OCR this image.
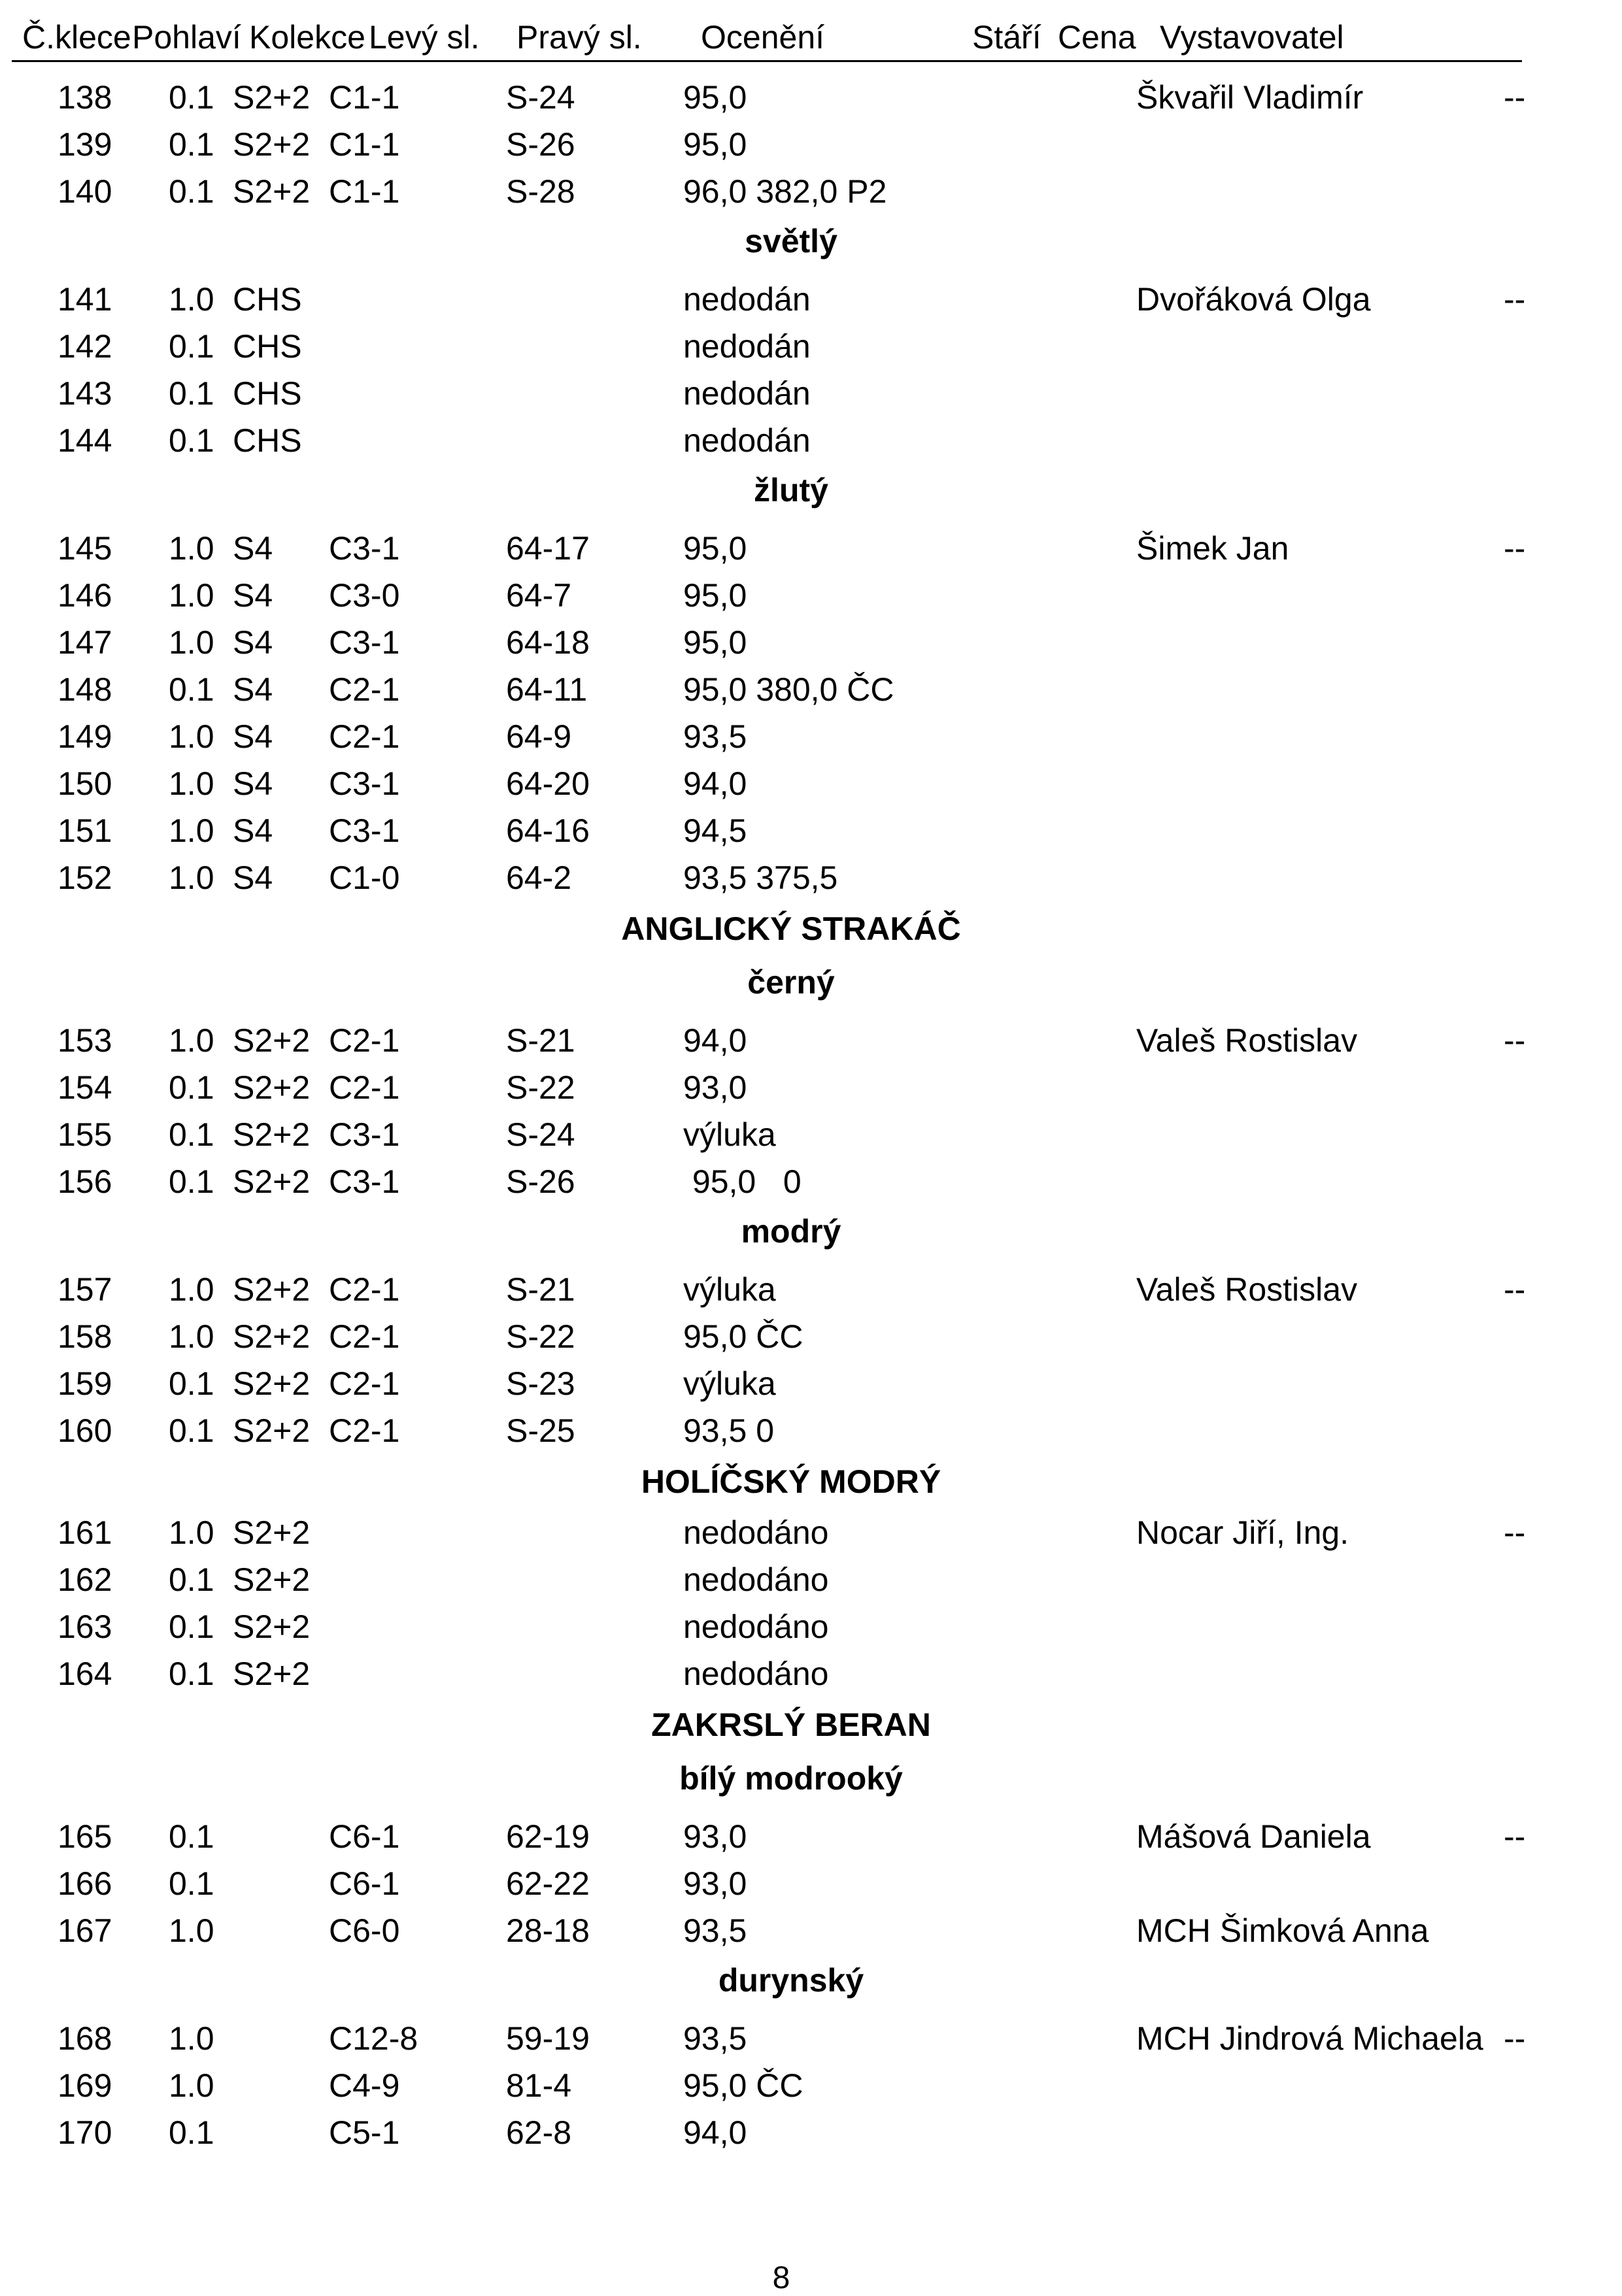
Č.klece Pohlaví Kolekce Levý sl. Pravý sl. Ocenění	Stáří Cena Vystavovatel
138 0.1 S2+2 C1-1	S-24	95,0	Škvařil Vladimír	--
139 0.1 S2+2 C1-1	S-26	95,0
140 0.1 S2+2 C1-1	S-28	96,0 382,0 P2
světlý
141 1.0 CHS	nedodán	Dvořáková Olga	--
142 0.1 CHS	nedodán
143 0.1 CHS	nedodán
144 0.1 CHS	nedodán
žlutý
145 1.0 S4 C3-1	64-17	95,0	Šimek Jan	--
146 1.0 S4 C3-0	64-7	95,0
147 1.0 S4 C3-1	64-18	95,0
148 0.1 S4 C2-1	64-11	95,0 380,0 ČC
149 1.0 S4 C2-1	64-9	93,5
150 1.0 S4 C3-1	64-20	94,0
151 1.0 S4 C3-1	64-16	94,5
152 1.0 S4 C1-0	64-2	93,5 375,5
ANGLICKÝ STRAKÁČ
černý
153 1.0 S2+2 C2-1	S-21	94,0	Valeš Rostislav	--
154 0.1 S2+2 C2-1	S-22	93,0
155 0.1 S2+2 C3-1	S-24	výluka
156 0.1 S2+2 C3-1	S-26	95,0   0
modrý
157 1.0 S2+2 C2-1	S-21	výluka	Valeš Rostislav	--
158 1.0 S2+2 C2-1	S-22	95,0 ČC
159 0.1 S2+2 C2-1	S-23	výluka
160 0.1 S2+2 C2-1	S-25	93,5 0
HOLÍČSKÝ MODRÝ
161 1.0 S2+2	nedodáno	Nocar Jiří, Ing.	--
162 0.1 S2+2	nedodáno
163 0.1 S2+2	nedodáno
164 0.1 S2+2	nedodáno
ZAKRSLÝ BERAN
bílý modrooký
165 0.1	C6-1	62-19	93,0	Mášová Daniela	--
166 0.1	C6-1	62-22	93,0
167 1.0	C6-0	28-18	93,5	MCH Šimková Anna
durynský
168 1.0	C12-8	59-19	93,5	MCH Jindrová Michaela --
169 1.0	C4-9	81-4	95,0 ČC
170 0.1	C5-1	62-8	94,0
8
